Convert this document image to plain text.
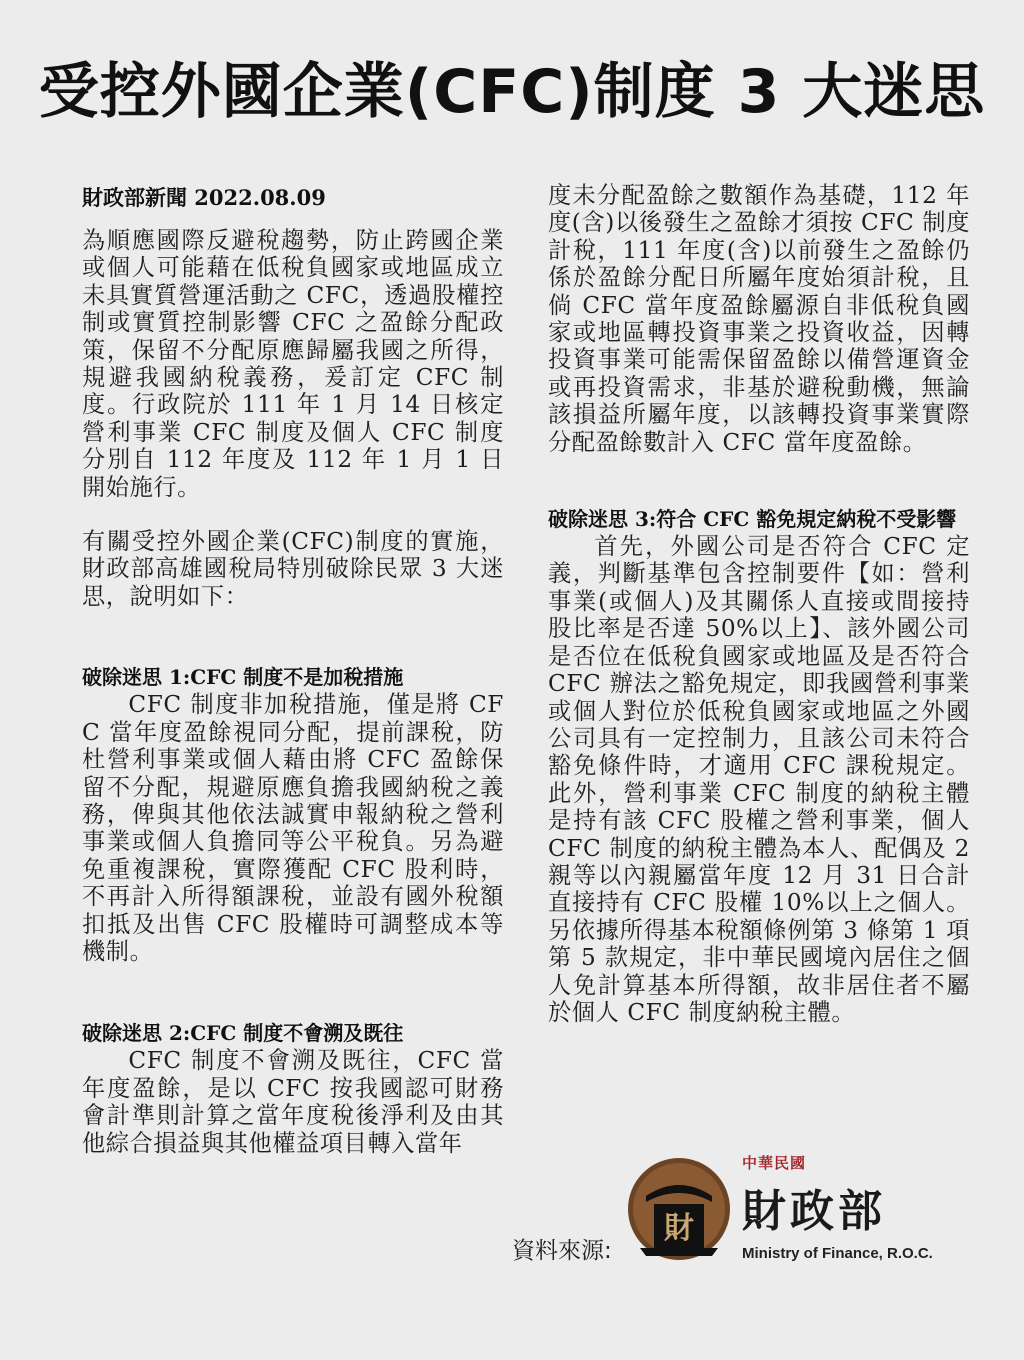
受控外國企業(CFC)制度 3 大迷思

財政部新聞 2022.08.09

為順應國際反避稅趨勢，防止跨國企業或個人可能藉在低稅負國家或地區成立未具實質營運活動之 CFC，透過股權控制或實質控制影響 CFC 之盈餘分配政策，保留不分配原應歸屬我國之所得，規避我國納稅義務，爰訂定 CFC 制度。行政院於 111 年 1 月 14 日核定營利事業 CFC 制度及個人 CFC 制度分別自 112 年度及 112 年 1 月 1 日開始施行。

有關受控外國企業(CFC)制度的實施，財政部高雄國稅局特別破除民眾 3 大迷思，說明如下：

破除迷思 1:CFC 制度不是加稅措施

CFC 制度非加稅措施，僅是將 CFC 當年度盈餘視同分配，提前課稅，防杜營利事業或個人藉由將 CFC 盈餘保留不分配，規避原應負擔我國納稅之義務，俾與其他依法誠實申報納稅之營利事業或個人負擔同等公平稅負。另為避免重複課稅，實際獲配 CFC 股利時，不再計入所得額課稅，並設有國外稅額扣抵及出售 CFC 股權時可調整成本等機制。

破除迷思 2:CFC 制度不會溯及既往

CFC 制度不會溯及既往，CFC 當年度盈餘，是以 CFC 按我國認可財務會計準則計算之當年度稅後淨利及由其他綜合損益與其他權益項目轉入當年

度未分配盈餘之數額作為基礎，112 年度(含)以後發生之盈餘才須按 CFC 制度計稅，111 年度(含)以前發生之盈餘仍係於盈餘分配日所屬年度始須計稅，且倘 CFC 當年度盈餘屬源自非低稅負國家或地區轉投資事業之投資收益，因轉投資事業可能需保留盈餘以備營運資金或再投資需求，非基於避稅動機，無論該損益所屬年度，以該轉投資事業實際分配盈餘數計入 CFC 當年度盈餘。

破除迷思 3:符合 CFC 豁免規定納稅不受影響

首先，外國公司是否符合 CFC 定義，判斷基準包含控制要件【如：營利事業(或個人)及其關係人直接或間接持股比率是否達 50%以上】、該外國公司是否位在低稅負國家或地區及是否符合 CFC 辦法之豁免規定，即我國營利事業或個人對位於低稅負國家或地區之外國公司具有一定控制力，且該公司未符合豁免條件時，才適用 CFC 課稅規定。此外，營利事業 CFC 制度的納稅主體是持有該 CFC 股權之營利事業，個人 CFC 制度的納稅主體為本人、配偶及 2 親等以內親屬當年度 12 月 31 日合計直接持有 CFC 股權 10%以上之個人。另依據所得基本稅額條例第 3 條第 1 項第 5 款規定，非中華民國境內居住之個人免計算基本所得額，故非居住者不屬於個人 CFC 制度納稅主體。

資料來源:
財
中華民國
財政部
Ministry of Finance, R.O.C.
